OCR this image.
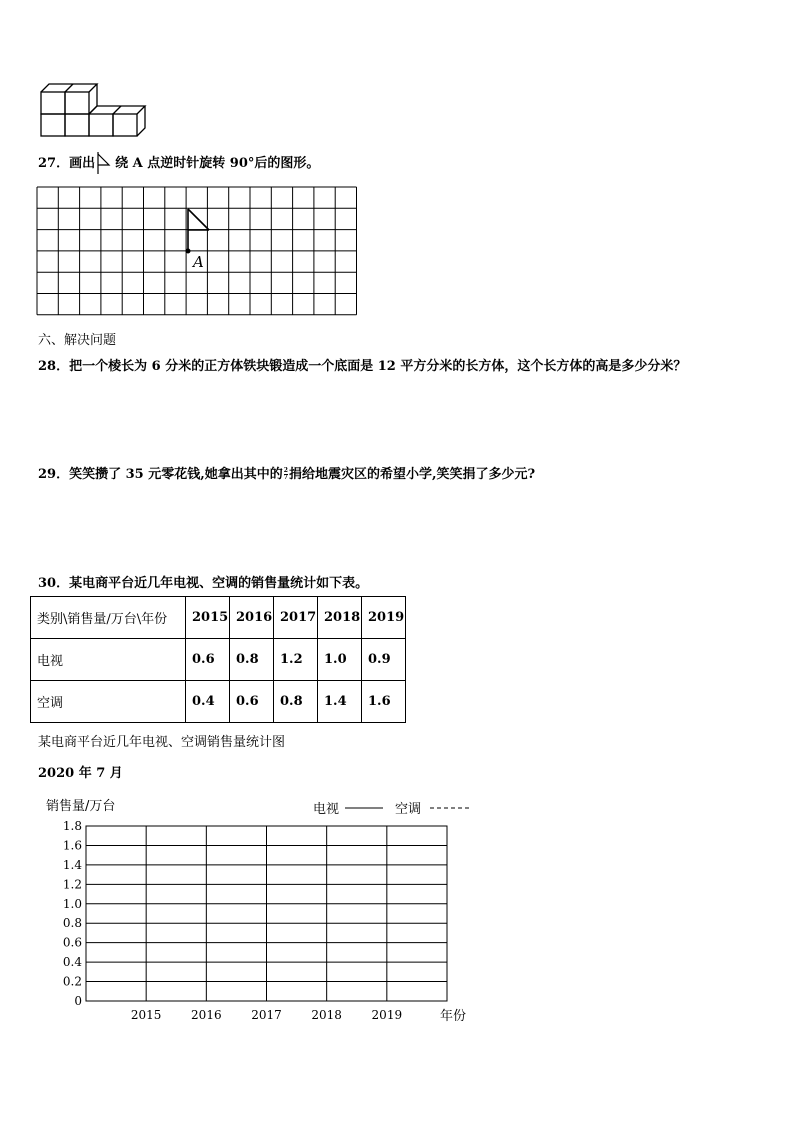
27．画出 绕 A 点逆时针旋转 90°后的图形。
A
六、解决问题
28．把一个棱长为 6 分米的正方体铁块锻造成一个底面是 12 平方分米的长方体，这个长方体的高是多少分米？
29．笑笑攒了 35 元零花钱,她拿出其中的 $\frac{2}{7}$ 捐给地震灾区的希望小学,笑笑捐了多少元?
30．某电商平台近几年电视、空调的销售量统计如下表。
类别\销售量/万台\年份	2015	2016	2017	2018	2019
电视	0.6	0.8	1.2	1.0	0.9
空调	0.4	0.6	0.8	1.4	1.6
某电商平台近几年电视、空调销售量统计图
2020 年 7 月
销售量/万台	电视	空调
0
0.2
0.4
0.6
0.8
1.0
1.2
1.4
1.6
1.8
2015 2016 2017 2018 2019	年份
